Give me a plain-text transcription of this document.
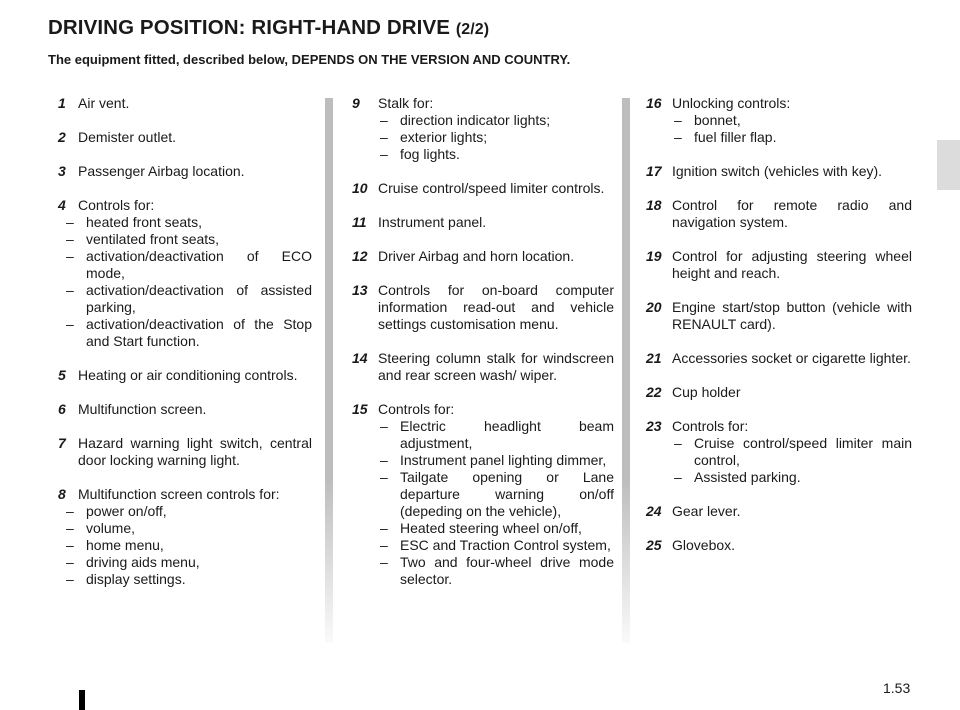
DRIVING POSITION: RIGHT-HAND DRIVE (2/2)
The equipment fitted, described below, DEPENDS ON THE VERSION AND COUNTRY.
1 Air vent.
2 Demister outlet.
3 Passenger Airbag location.
4 Controls for:
– heated front seats,
– ventilated front seats,
– activation/deactivation of ECO mode,
– activation/deactivation of assisted parking,
– activation/deactivation of the Stop and Start function.
5 Heating or air conditioning controls.
6 Multifunction screen.
7 Hazard warning light switch, central door locking warning light.
8 Multifunction screen controls for:
– power on/off,
– volume,
– home menu,
– driving aids menu,
– display settings.
9 Stalk for:
– direction indicator lights;
– exterior lights;
– fog lights.
10 Cruise control/speed limiter controls.
11 Instrument panel.
12 Driver Airbag and horn location.
13 Controls for on-board computer information read-out and vehicle settings customisation menu.
14 Steering column stalk for windscreen and rear screen wash/ wiper.
15 Controls for:
– Electric headlight beam adjustment,
– Instrument panel lighting dimmer,
– Tailgate opening or Lane departure warning on/off (depeding on the vehicle),
– Heated steering wheel on/off,
– ESC and Traction Control system,
– Two and four-wheel drive mode selector.
16 Unlocking controls:
– bonnet,
– fuel filler flap.
17 Ignition switch (vehicles with key).
18 Control for remote radio and navigation system.
19 Control for adjusting steering wheel height and reach.
20 Engine start/stop button (vehicle with RENAULT card).
21 Accessories socket or cigarette lighter.
22 Cup holder
23 Controls for:
– Cruise control/speed limiter main control,
– Assisted parking.
24 Gear lever.
25 Glovebox.
1.53
